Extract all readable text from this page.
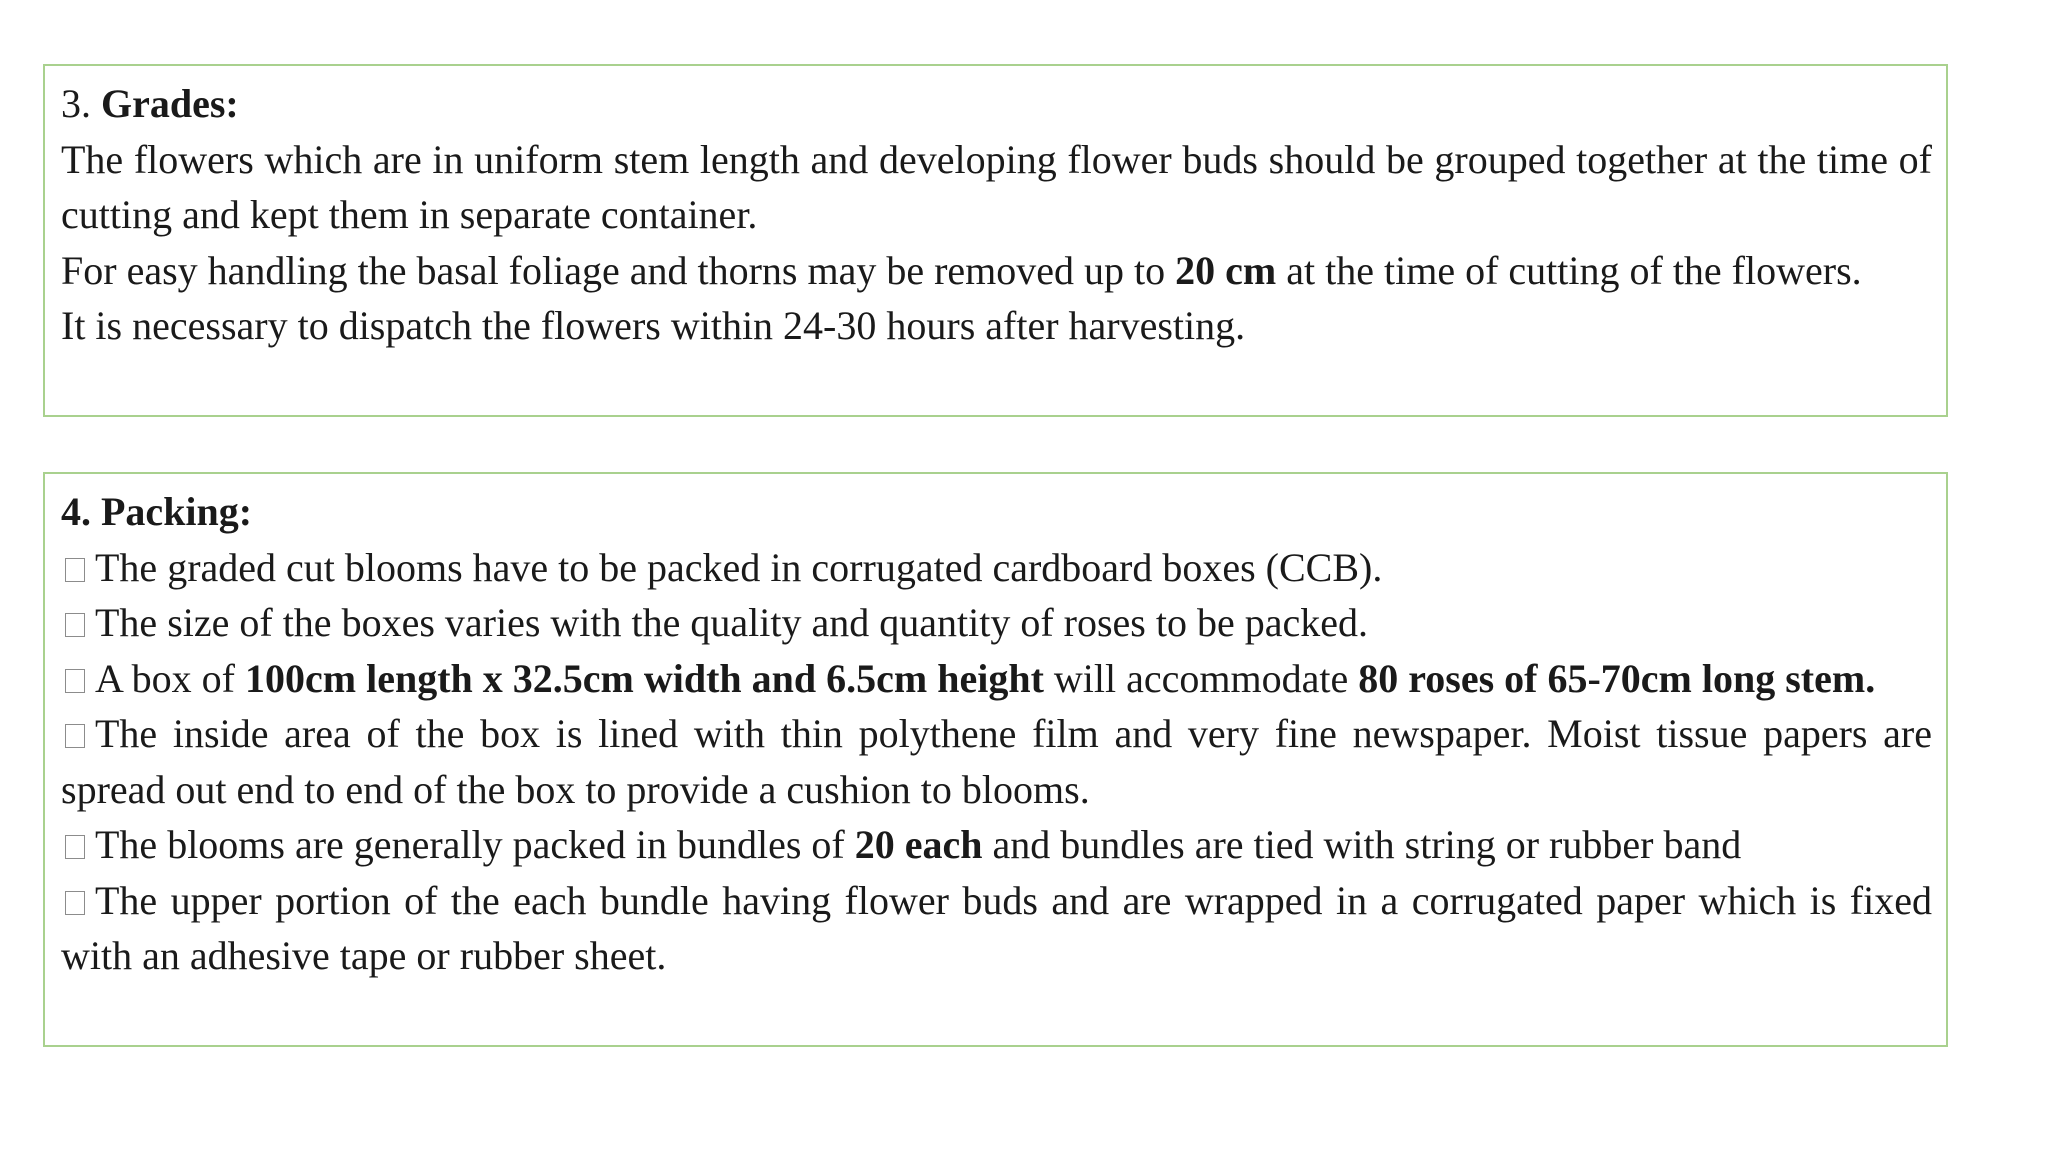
3. Grades:

The flowers which are in uniform stem length and developing flower buds should be grouped together at the time of cutting and kept them in separate container.

For easy handling the basal foliage and thorns may be removed up to 20 cm at the time of cutting of the flowers.

It is necessary to dispatch the flowers within 24-30 hours after harvesting.

4. Packing:

The graded cut blooms have to be packed in corrugated cardboard boxes (CCB).

The size of the boxes varies with the quality and quantity of roses to be packed.

A box of 100cm length x 32.5cm width and 6.5cm height will accommodate 80 roses of 65-70cm long stem.

The inside area of the box is lined with thin polythene film and very fine newspaper. Moist tissue papers are spread out end to end of the box to provide a cushion to blooms.

The blooms are generally packed in bundles of 20 each and bundles are tied with string or rubber band

The upper portion of the each bundle having flower buds and are wrapped in a corrugated paper which is fixed with an adhesive tape or rubber sheet.
